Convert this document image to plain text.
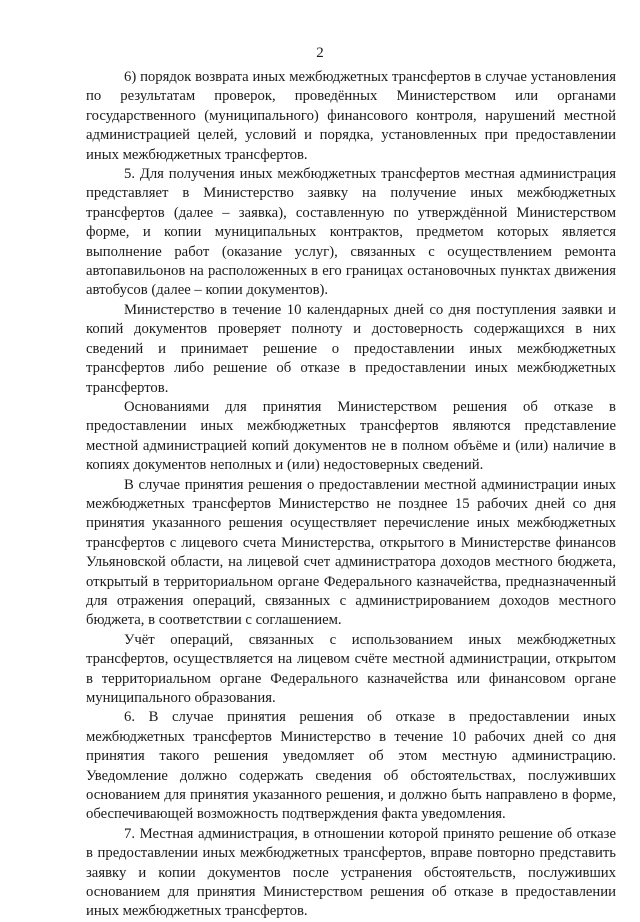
2

6) порядок возврата иных межбюджетных трансфертов в случае установления по результатам проверок, проведённых Министерством или органами государственного (муниципального) финансового контроля, нарушений местной администрацией целей, условий и порядка, установленных при предоставлении иных межбюджетных трансфертов.

5. Для получения иных межбюджетных трансфертов местная администрация представляет в Министерство заявку на получение иных межбюджетных трансфертов (далее – заявка), составленную по утверждённой Министерством форме, и копии муниципальных контрактов, предметом которых является выполнение работ (оказание услуг), связанных с осуществлением ремонта автопавильонов на расположенных в его границах остановочных пунктах движения автобусов (далее – копии документов).

Министерство в течение 10 календарных дней со дня поступления заявки и копий документов проверяет полноту и достоверность содержащихся в них сведений и принимает решение о предоставлении иных межбюджетных трансфертов либо решение об отказе в предоставлении иных межбюджетных трансфертов.

Основаниями для принятия Министерством решения об отказе в предоставлении иных межбюджетных трансфертов являются представление местной администрацией копий документов не в полном объёме и (или) наличие в копиях документов неполных и (или) недостоверных сведений.

В случае принятия решения о предоставлении местной администрации иных межбюджетных трансфертов Министерство не позднее 15 рабочих дней со дня принятия указанного решения осуществляет перечисление иных межбюджетных трансфертов с лицевого счета Министерства, открытого в Министерстве финансов Ульяновской области, на лицевой счет администратора доходов местного бюджета, открытый в территориальном органе Федерального казначейства, предназначенный для отражения операций, связанных с администрированием доходов местного бюджета, в соответствии с соглашением.

Учёт операций, связанных с использованием иных межбюджетных трансфертов, осуществляется на лицевом счёте местной администрации, открытом в территориальном органе Федерального казначейства или финансовом органе муниципального образования.

6. В случае принятия решения об отказе в предоставлении иных межбюджетных трансфертов Министерство в течение 10 рабочих дней со дня принятия такого решения уведомляет об этом местную администрацию. Уведомление должно содержать сведения об обстоятельствах, послуживших основанием для принятия указанного решения, и должно быть направлено в форме, обеспечивающей возможность подтверждения факта уведомления.

7. Местная администрация, в отношении которой принято решение об отказе в предоставлении иных межбюджетных трансфертов, вправе повторно представить заявку и копии документов после устранения обстоятельств, послуживших основанием для принятия Министерством решения об отказе в предоставлении иных межбюджетных трансфертов.
